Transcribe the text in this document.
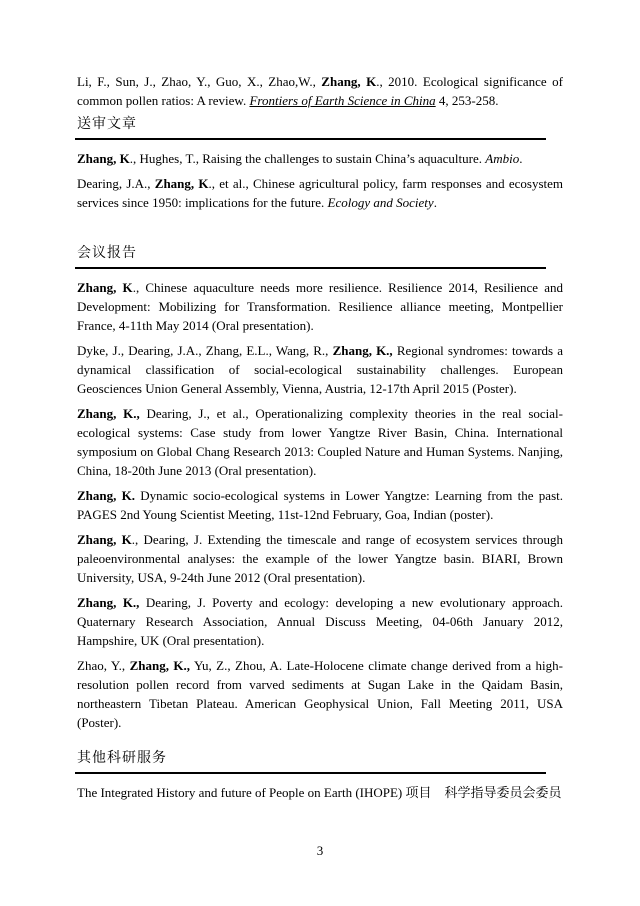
Li, F., Sun, J., Zhao, Y., Guo, X., Zhao,W., Zhang, K., 2010. Ecological significance of common pollen ratios: A review. Frontiers of Earth Science in China 4, 253-258.

送审文章

Zhang, K., Hughes, T., Raising the challenges to sustain China’s aquaculture. Ambio.

Dearing, J.A., Zhang, K., et al., Chinese agricultural policy, farm responses and ecosystem services since 1950: implications for the future. Ecology and Society.

会议报告

Zhang, K., Chinese aquaculture needs more resilience. Resilience 2014, Resilience and Development: Mobilizing for Transformation. Resilience alliance meeting, Montpellier France, 4-11th May 2014 (Oral presentation).

Dyke, J., Dearing, J.A., Zhang, E.L., Wang, R., Zhang, K., Regional syndromes: towards a dynamical classification of social-ecological sustainability challenges. European Geosciences Union General Assembly, Vienna, Austria, 12-17th April 2015 (Poster).

Zhang, K., Dearing, J., et al., Operationalizing complexity theories in the real social-ecological systems: Case study from lower Yangtze River Basin, China. International symposium on Global Chang Research 2013: Coupled Nature and Human Systems. Nanjing, China, 18-20th June 2013 (Oral presentation).

Zhang, K. Dynamic socio-ecological systems in Lower Yangtze: Learning from the past. PAGES 2nd Young Scientist Meeting, 11st-12nd February, Goa, Indian (poster).

Zhang, K., Dearing, J. Extending the timescale and range of ecosystem services through paleoenvironmental analyses: the example of the lower Yangtze basin. BIARI, Brown University, USA, 9-24th June 2012 (Oral presentation).

Zhang, K., Dearing, J. Poverty and ecology: developing a new evolutionary approach. Quaternary Research Association, Annual Discuss Meeting, 04-06th January 2012, Hampshire, UK (Oral presentation).

Zhao, Y., Zhang, K., Yu, Z., Zhou, A. Late-Holocene climate change derived from a high-resolution pollen record from varved sediments at Sugan Lake in the Qaidam Basin, northeastern Tibetan Plateau. American Geophysical Union, Fall Meeting 2011, USA (Poster).

其他科研服务

The Integrated History and future of People on Earth (IHOPE) 项目　科学指导委员会委员

3
